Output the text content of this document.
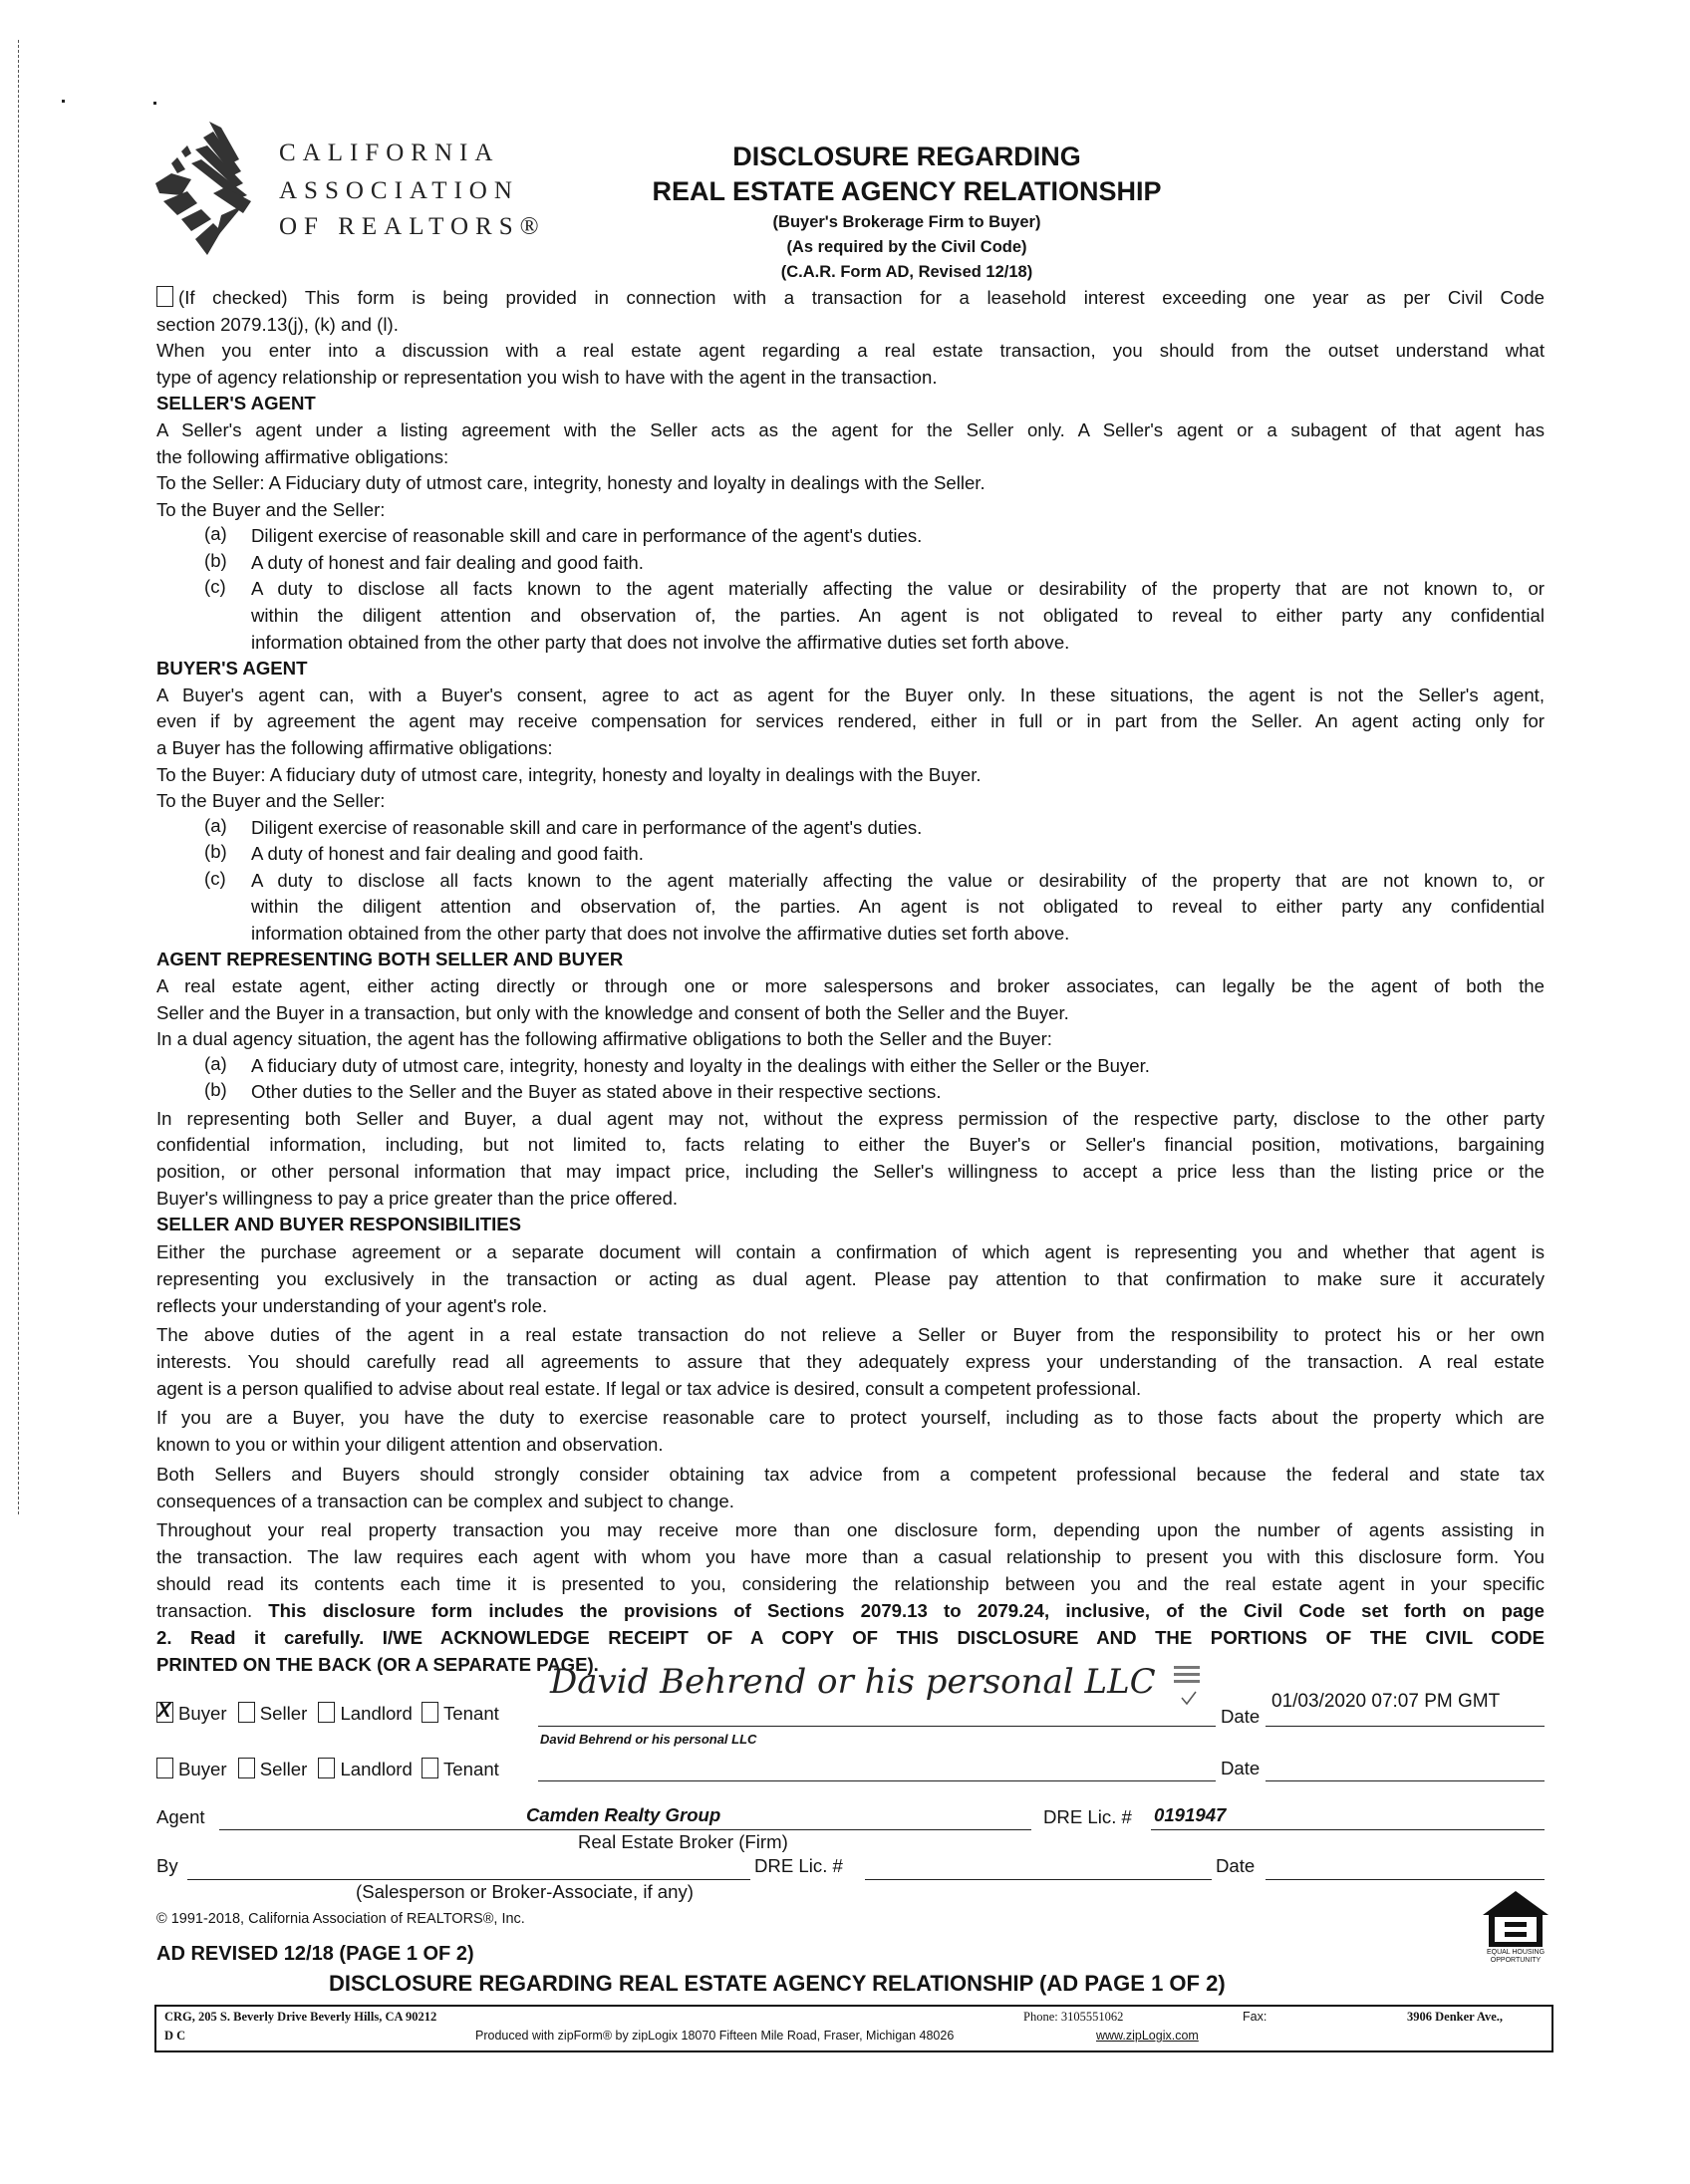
CALIFORNIA
ASSOCIATION
OF REALTORS®
DISCLOSURE REGARDING
REAL ESTATE AGENCY RELATIONSHIP
(Buyer's Brokerage Firm to Buyer)
(As required by the Civil Code)
(C.A.R. Form AD, Revised 12/18)
(If checked) This form is being provided in connection with a transaction for a leasehold interest exceeding one year as per Civil Code
section 2079.13(j), (k) and (l).
When you enter into a discussion with a real estate agent regarding a real estate transaction, you should from the outset understand what
type of agency relationship or representation you wish to have with the agent in the transaction.
SELLER'S AGENT
A Seller's agent under a listing agreement with the Seller acts as the agent for the Seller only. A Seller's agent or a subagent of that agent has
the following affirmative obligations:
To the Seller: A Fiduciary duty of utmost care, integrity, honesty and loyalty in dealings with the Seller.
To the Buyer and the Seller:
(a) Diligent exercise of reasonable skill and care in performance of the agent's duties.
(b) A duty of honest and fair dealing and good faith.
(c) A duty to disclose all facts known to the agent materially affecting the value or desirability of the property that are not known to, or
within the diligent attention and observation of, the parties. An agent is not obligated to reveal to either party any confidential
information obtained from the other party that does not involve the affirmative duties set forth above.
BUYER'S AGENT
A Buyer's agent can, with a Buyer's consent, agree to act as agent for the Buyer only. In these situations, the agent is not the Seller's agent,
even if by agreement the agent may receive compensation for services rendered, either in full or in part from the Seller. An agent acting only for
a Buyer has the following affirmative obligations:
To the Buyer: A fiduciary duty of utmost care, integrity, honesty and loyalty in dealings with the Buyer.
To the Buyer and the Seller:
(a) Diligent exercise of reasonable skill and care in performance of the agent's duties.
(b) A duty of honest and fair dealing and good faith.
(c) A duty to disclose all facts known to the agent materially affecting the value or desirability of the property that are not known to, or
within the diligent attention and observation of, the parties. An agent is not obligated to reveal to either party any confidential
information obtained from the other party that does not involve the affirmative duties set forth above.
AGENT REPRESENTING BOTH SELLER AND BUYER
A real estate agent, either acting directly or through one or more salespersons and broker associates, can legally be the agent of both the
Seller and the Buyer in a transaction, but only with the knowledge and consent of both the Seller and the Buyer.
In a dual agency situation, the agent has the following affirmative obligations to both the Seller and the Buyer:
(a) A fiduciary duty of utmost care, integrity, honesty and loyalty in the dealings with either the Seller or the Buyer.
(b) Other duties to the Seller and the Buyer as stated above in their respective sections.
In representing both Seller and Buyer, a dual agent may not, without the express permission of the respective party, disclose to the other party
confidential information, including, but not limited to, facts relating to either the Buyer's or Seller's financial position, motivations, bargaining
position, or other personal information that may impact price, including the Seller's willingness to accept a price less than the listing price or the
Buyer's willingness to pay a price greater than the price offered.
SELLER AND BUYER RESPONSIBILITIES
Either the purchase agreement or a separate document will contain a confirmation of which agent is representing you and whether that agent is
representing you exclusively in the transaction or acting as dual agent. Please pay attention to that confirmation to make sure it accurately
reflects your understanding of your agent's role.
The above duties of the agent in a real estate transaction do not relieve a Seller or Buyer from the responsibility to protect his or her own
interests. You should carefully read all agreements to assure that they adequately express your understanding of the transaction. A real estate
agent is a person qualified to advise about real estate. If legal or tax advice is desired, consult a competent professional.
If you are a Buyer, you have the duty to exercise reasonable care to protect yourself, including as to those facts about the property which are
known to you or within your diligent attention and observation.
Both Sellers and Buyers should strongly consider obtaining tax advice from a competent professional because the federal and state tax
consequences of a transaction can be complex and subject to change.
Throughout your real property transaction you may receive more than one disclosure form, depending upon the number of agents assisting in
the transaction. The law requires each agent with whom you have more than a casual relationship to present you with this disclosure form. You
should read its contents each time it is presented to you, considering the relationship between you and the real estate agent in your specific
transaction. This disclosure form includes the provisions of Sections 2079.13 to 2079.24, inclusive, of the Civil Code set forth on page
2. Read it carefully. I/WE ACKNOWLEDGE RECEIPT OF A COPY OF THIS DISCLOSURE AND THE PORTIONS OF THE CIVIL CODE
PRINTED ON THE BACK (OR A SEPARATE PAGE).
XBuyer Seller Landlord Tenant
David Behrend or his personal LLC
David Behrend or his personal LLC
Date
01/03/2020 07:07 PM GMT
Buyer Seller Landlord Tenant	Date
Agent	Camden Realty Group	DRE Lic. # 0191947
Real Estate Broker (Firm)
By	DRE Lic. #	Date
(Salesperson or Broker-Associate, if any)
© 1991-2018, California Association of REALTORS®, Inc.
AD REVISED 12/18 (PAGE 1 OF 2)
DISCLOSURE REGARDING REAL ESTATE AGENCY RELATIONSHIP (AD PAGE 1 OF 2)
EQUAL HOUSING
OPPORTUNITY
CRG, 205 S. Beverly Drive Beverly Hills, CA 90212
D C
Phone: 3105551062	Fax:	3906 Denker Ave.,
Produced with zipForm® by zipLogix 18070 Fifteen Mile Road, Fraser, Michigan 48026	www.zipLogix.com
